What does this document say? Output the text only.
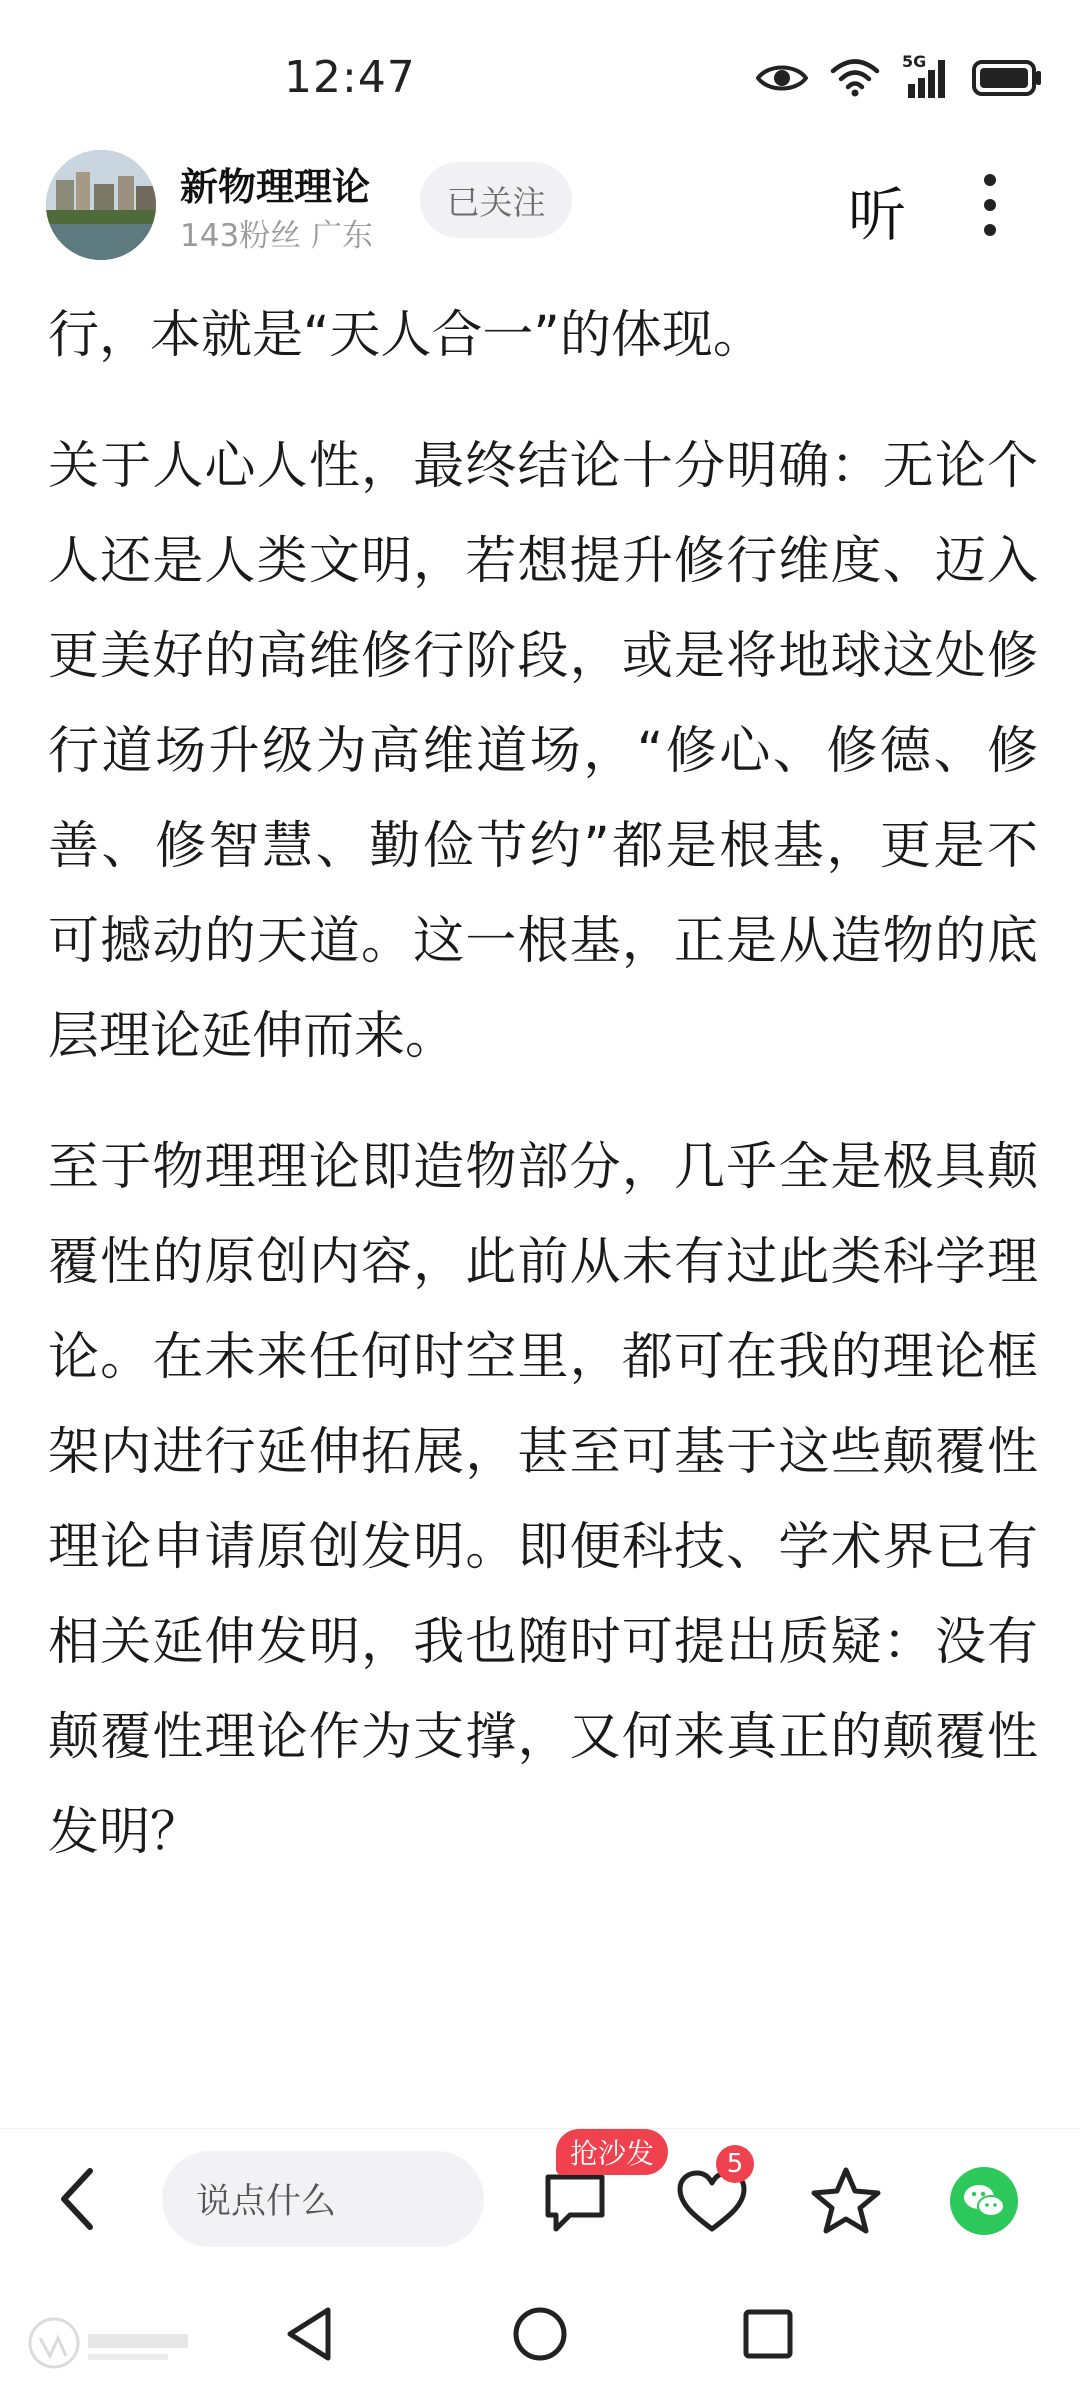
12:47	5G
新物理理论
143粉丝 广东
已关注	听

行，本就是“天人合一”的体现。

关于人心人性，最终结论十分明确：无论个人还是人类文明，若想提升修行维度、迈入更美好的高维修行阶段，或是将地球这处修行道场升级为高维道场，“修心、修德、修善、修智慧、勤俭节约”都是根基，更是不可撼动的天道。这一根基，正是从造物的底层理论延伸而来。

至于物理理论即造物部分，几乎全是极具颠覆性的原创内容，此前从未有过此类科学理论。在未来任何时空里，都可在我的理论框架内进行延伸拓展，甚至可基于这些颠覆性理论申请原创发明。即便科技、学术界已有相关延伸发明，我也随时可提出质疑：没有颠覆性理论作为支撑，又何来真正的颠覆性发明？

说点什么
抢沙发	5
